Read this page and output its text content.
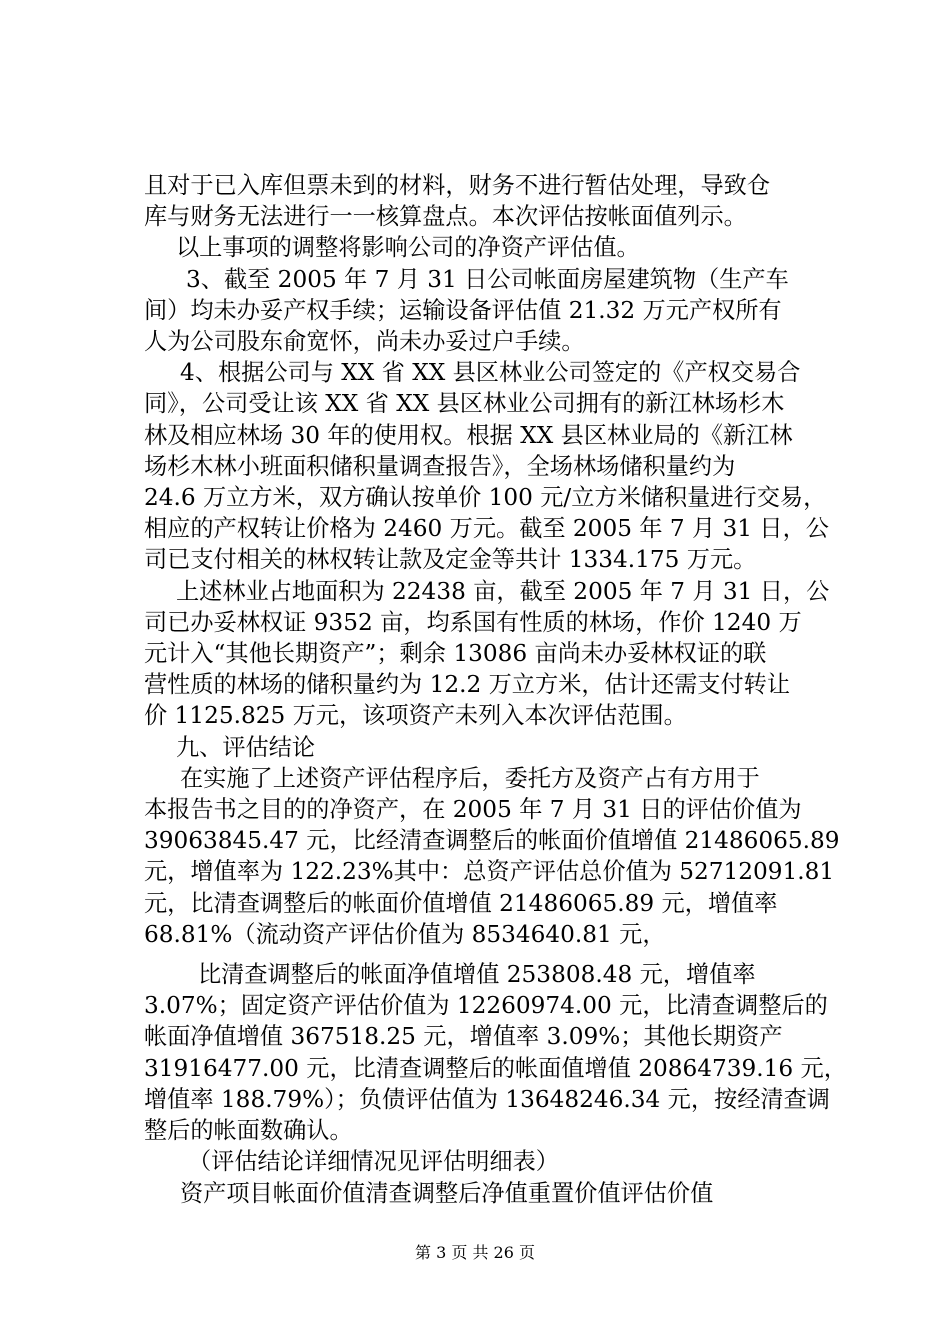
且对于已入库但票未到的材料，财务不进行暂估处理，导致仓
库与财务无法进行一一核算盘点。本次评估按帐面值列示。

以上事项的调整将影响公司的净资产评估值。

3、截至 2005 年 7 月 31 日公司帐面房屋建筑物（生产车
间）均未办妥产权手续；运输设备评估值 21.32 万元产权所有
人为公司股东俞宽怀，尚未办妥过户手续。

4、根据公司与 XX 省 XX 县区林业公司签定的《产权交易合
同》，公司受让该 XX 省 XX 县区林业公司拥有的新江林场杉木
林及相应林场 30 年的使用权。根据 XX 县区林业局的《新江林
场杉木林小班面积储积量调查报告》，全场林场储积量约为
24.6 万立方米，双方确认按单价 100 元/立方米储积量进行交易，
相应的产权转让价格为 2460 万元。截至 2005 年 7 月 31 日，公
司已支付相关的林权转让款及定金等共计 1334.175 万元。

上述林业占地面积为 22438 亩，截至 2005 年 7 月 31 日，公
司已办妥林权证 9352 亩，均系国有性质的林场，作价 1240 万
元计入“其他长期资产”；剩余 13086 亩尚未办妥林权证的联
营性质的林场的储积量约为 12.2 万立方米，估计还需支付转让
价 1125.825 万元，该项资产未列入本次评估范围。

九、评估结论

在实施了上述资产评估程序后，委托方及资产占有方用于
本报告书之目的的净资产，在 2005 年 7 月 31 日的评估价值为
39063845.47 元，比经清查调整后的帐面价值增值 21486065.89
元，增值率为 122.23%其中：总资产评估总价值为 52712091.81
元，比清查调整后的帐面价值增值 21486065.89 元，增值率
68.81%（流动资产评估价值为 8534640.81 元，

比清查调整后的帐面净值增值 253808.48 元，增值率
3.07%；固定资产评估价值为 12260974.00 元，比清查调整后的
帐面净值增值 367518.25 元，增值率 3.09%；其他长期资产
31916477.00 元，比清查调整后的帐面值增值 20864739.16 元，
增值率 188.79%）；负债评估值为 13648246.34 元，按经清查调
整后的帐面数确认。

（评估结论详细情况见评估明细表）

资产项目帐面价值清查调整后净值重置价值评估价值

第 3 页 共 26 页
